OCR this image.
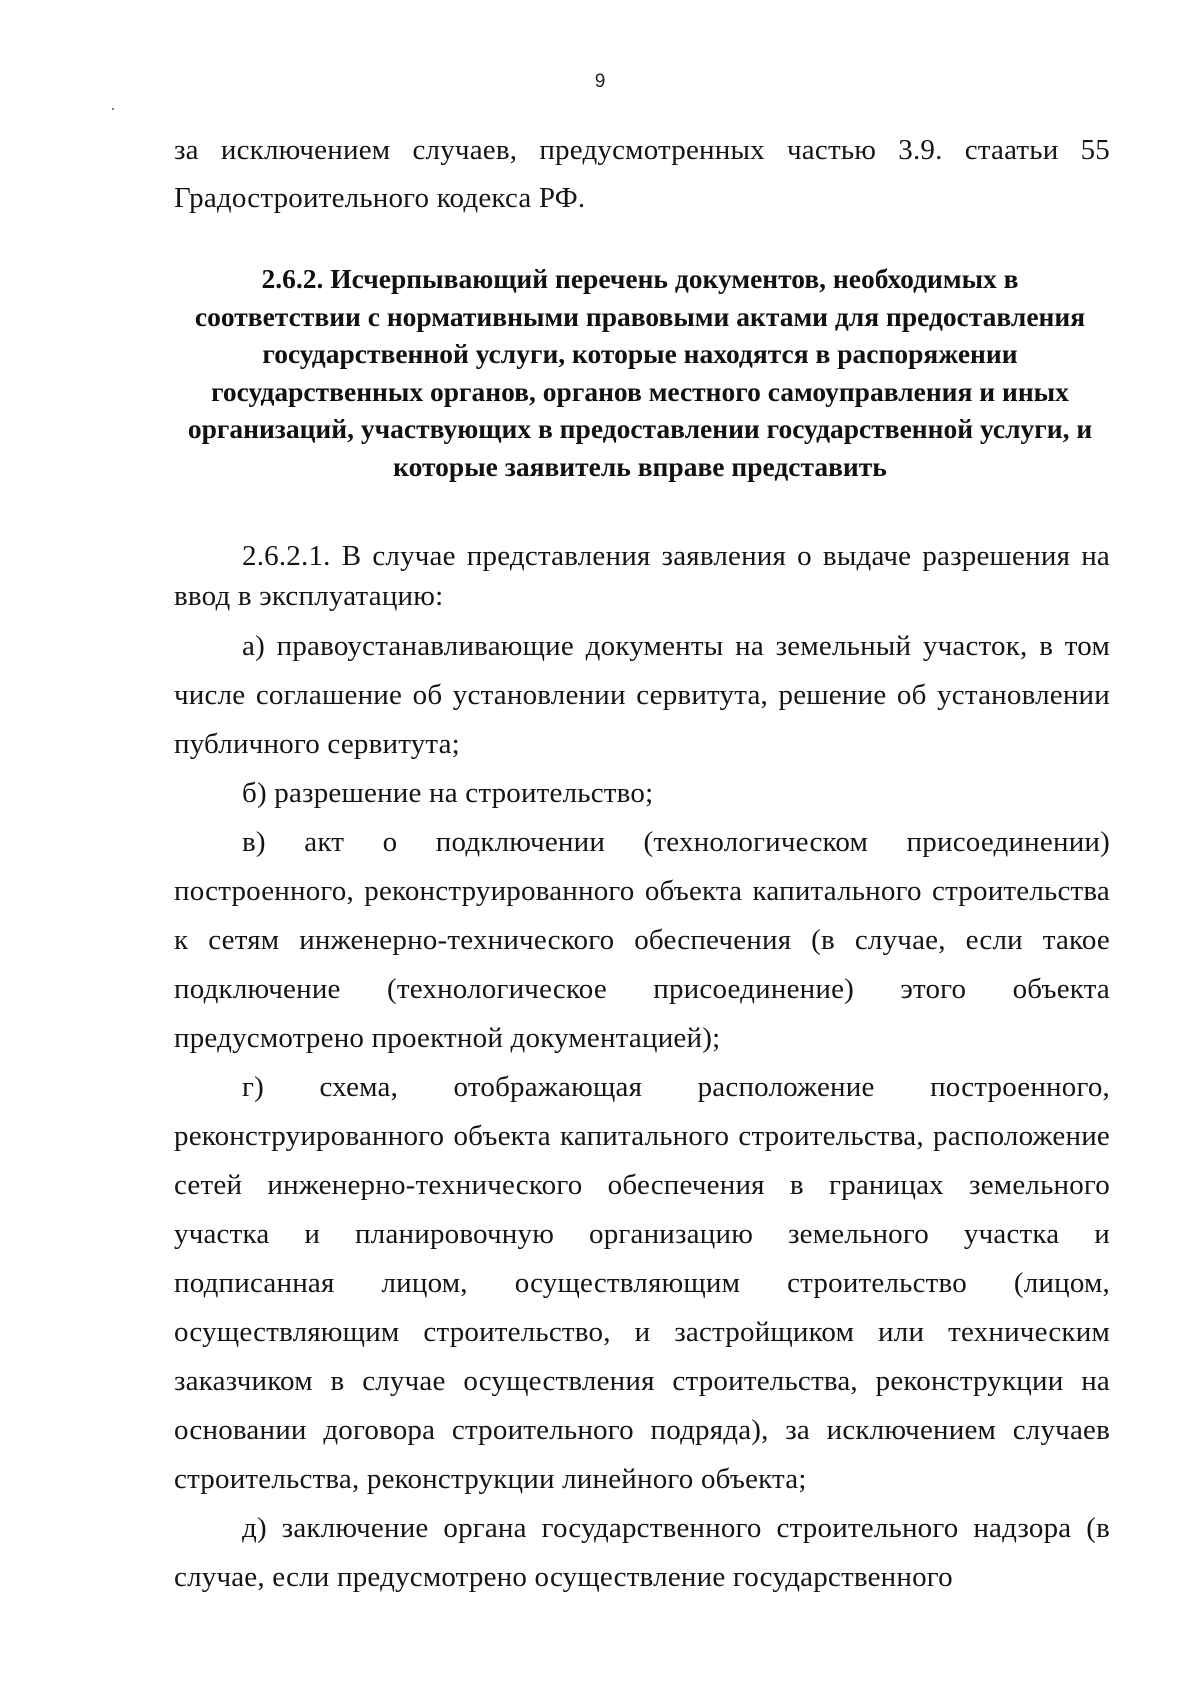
9

за исключением случаев, предусмотренных частью 3.9. стаатьи 55 Градостроительного кодекса РФ.

2.6.2. Исчерпывающий перечень документов, необходимых в
соответствии с нормативными правовыми актами для предоставления
государственной услуги, которые находятся в распоряжении
государственных органов, органов местного самоуправления и иных
организаций, участвующих в предоставлении государственной услуги, и
которые заявитель вправе представить

2.6.2.1. В случае представления заявления о выдаче разрешения на ввод в эксплуатацию:

а) правоустанавливающие документы на земельный участок, в том числе соглашение об установлении сервитута, решение об установлении публичного сервитута;

б) разрешение на строительство;

в) акт о подключении (технологическом присоединении) построенного, реконструированного объекта капитального строительства к сетям инженерно-технического обеспечения (в случае, если такое подключение (технологическое присоединение) этого объекта предусмотрено проектной документацией);

г) схема, отображающая расположение построенного, реконструированного объекта капитального строительства, расположение сетей инженерно-технического обеспечения в границах земельного участка и планировочную организацию земельного участка и подписанная лицом, осуществляющим строительство (лицом, осуществляющим строительство, и застройщиком или техническим заказчиком в случае осуществления строительства, реконструкции на основании договора строительного подряда), за исключением случаев строительства, реконструкции линейного объекта;

д) заключение органа государственного строительного надзора (в случае, если предусмотрено осуществление государственного
